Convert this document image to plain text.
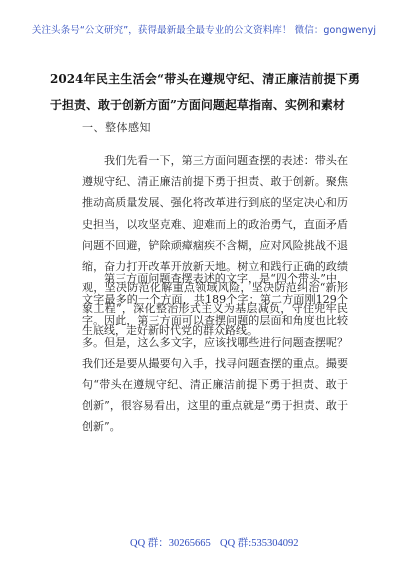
关注头条号“公文研究”，获得最新最全最专业的公文资料库！ 微信：gongwenyj
2024年民主生活会“带头在遵规守纪、清正廉洁前提下勇于担责、敢于创新方面”方面问题起草指南、实例和素材
一、整体感知

我们先看一下，第三方面问题查摆的表述：带头在遵规守纪、清正廉洁前提下勇于担责、敢于创新。聚焦推动高质量发展、强化将改革进行到底的坚定决心和历史担当，以攻坚克难、迎难而上的政治勇气，直面矛盾问题不回避，铲除顽瘴痼疾不含糊，应对风险挑战不退缩，奋力打开改革开放新天地。树立和践行正确的政绩观，坚决防范化解重点领域风险，坚决防范纠治“新形象工程”，深化整治形式主义为基层减负，守住兜牢民生底线，走好新时代党的群众路线。

第三方面问题查摆表述的文字，是“四个带头”中，文字最多的一个方面，共189个字；第二方面刚129个字。因此，第三方面可以查摆问题的层面和角度也比较多。但是，这么多文字，应该找哪些进行问题查摆呢？我们还是要从撮要句入手，找寻问题查摆的重点。撮要句“带头在遵规守纪、清正廉洁前提下勇于担责、敢于创新”，很容易看出，这里的重点就是“勇于担责、敢于创新”。

QQ 群：30265665 QQ 群:535304092
